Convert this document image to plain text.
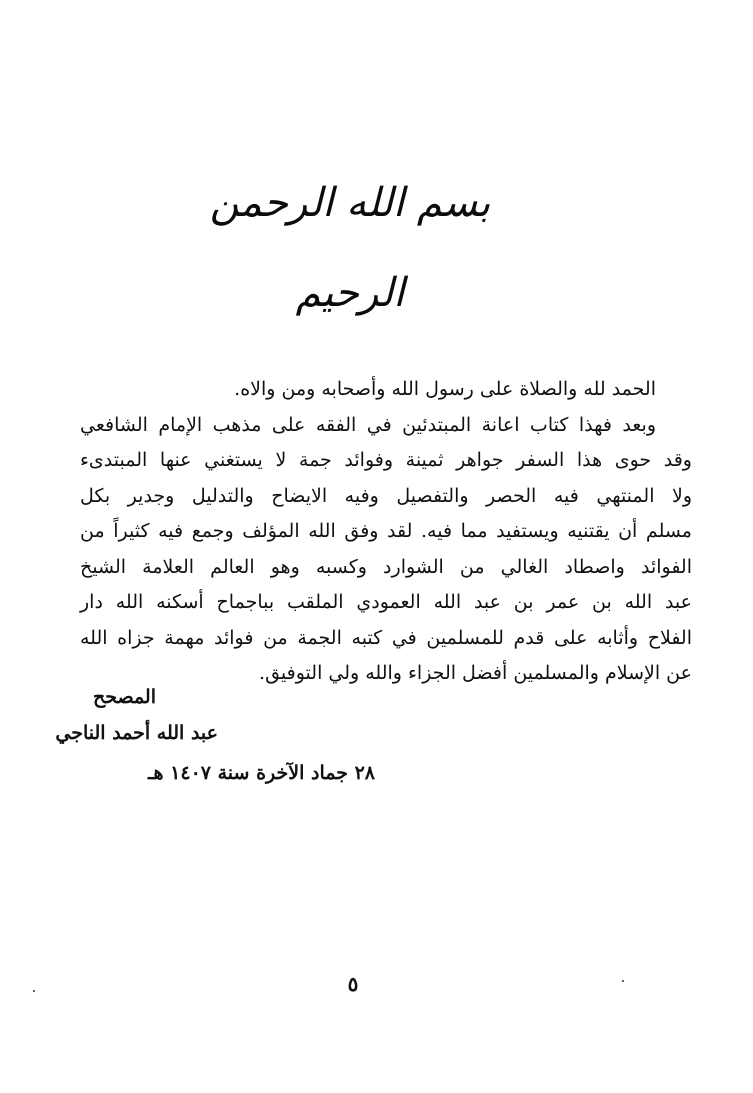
بسم الله الرحمن الرحيم
الحمد لله والصلاة على رسول الله وأصحابه ومن والاه.
وبعد فهذا كتاب اعانة المبتدئين في الفقه على مذهب الإمام الشافعي
وقد حوى هذا السفر جواهر ثمينة وفوائد جمة لا يستغني عنها المبتدىء
ولا المنتهي فيه الحصر والتفصيل وفيه الايضاح والتدليل وجدير بكل
مسلم أن يقتنيه ويستفيد مما فيه. لقد وفق الله المؤلف وجمع فيه كثيراً من
الفوائد واصطاد الغالي من الشوارد وكسبه وهو العالم العلامة الشيخ
عبد الله بن عمر بن عبد الله العمودي الملقب بباجماح أسكنه الله دار
الفلاح وأثابه على قدم للمسلمين في كتبه الجمة من فوائد مهمة جزاه الله
عن الإسلام والمسلمين أفضل الجزاء والله ولي التوفيق.
المصحح
عبد الله أحمد الناجي
٢٨ جماد الآخرة سنة ١٤٠٧ هـ
٥
